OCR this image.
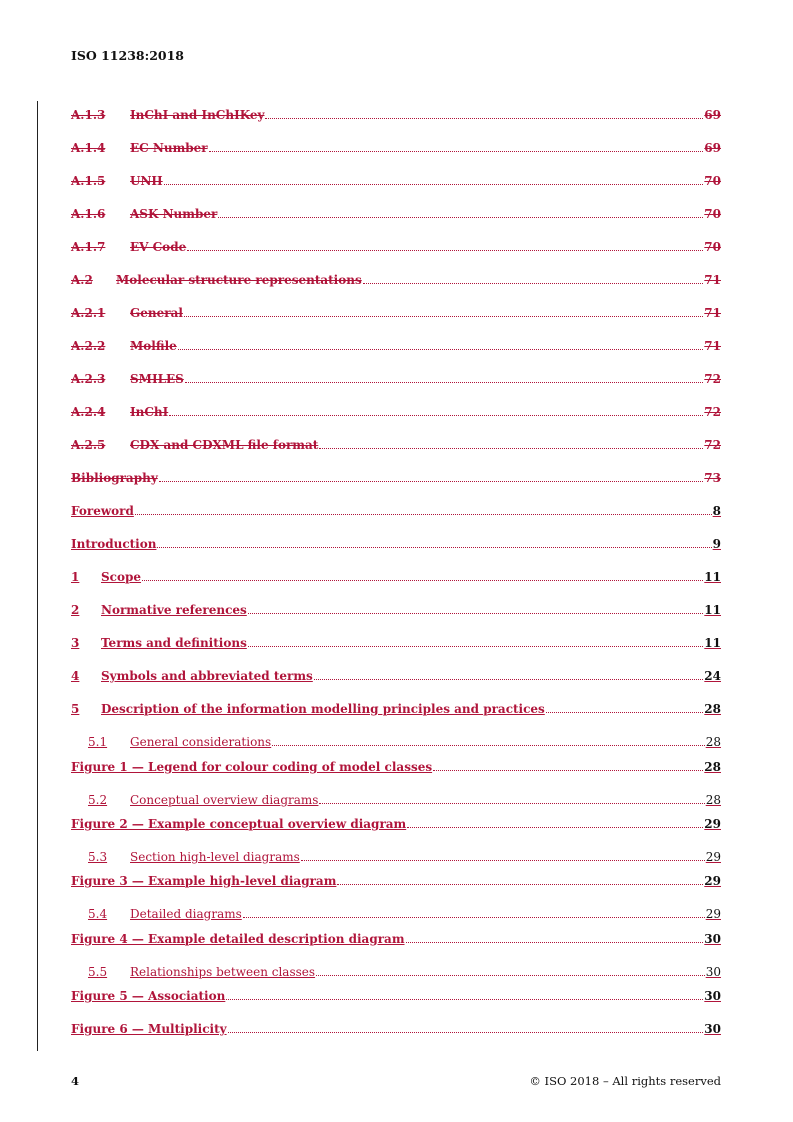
ISO 11238:2018
A.1.3	InChI and InChIKey	69
A.1.4	EC Number	69
A.1.5	UNII	70
A.1.6	ASK Number	70
A.1.7	EV Code	70
A.2	Molecular structure representations	71
A.2.1	General	71
A.2.2	Molfile	71
A.2.3	SMILES	72
A.2.4	InChI	72
A.2.5	CDX and CDXML file format	72
Bibliography	73
Foreword	8
Introduction	9
1	Scope	11
2	Normative references	11
3	Terms and definitions	11
4	Symbols and abbreviated terms	24
5	Description of the information modelling principles and practices	28
5.1	General considerations	28
Figure 1 — Legend for colour coding of model classes	28
5.2	Conceptual overview diagrams	28
Figure 2 — Example conceptual overview diagram	29
5.3	Section high-level diagrams	29
Figure 3 — Example high-level diagram	29
5.4	Detailed diagrams	29
Figure 4 — Example detailed description diagram	30
5.5	Relationships between classes	30
Figure 5 — Association	30
Figure 6 — Multiplicity	30
4	© ISO 2018 – All rights reserved
